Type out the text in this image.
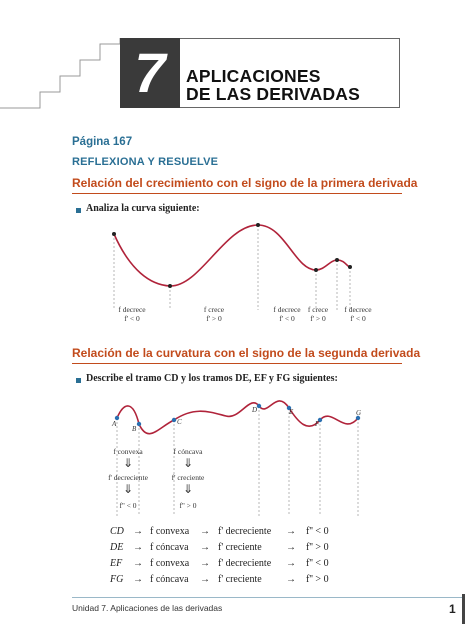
7 APLICACIONES
DE LAS DERIVADAS
Página 167
REFLEXIONA Y RESUELVE
Relación del crecimiento con el signo de la primera derivada
Analiza la curva siguiente:
f decrece
f' < 0
f crece
f' > 0
f decrece
f' < 0
f crece
f' > 0
f decrece
f' < 0
Relación de la curvatura con el signo de la segunda derivada
Describe el tramo CD y los tramos DE, EF y FG siguientes:
A
B
C
D	E
F
G
f convexa
⇓
f' decreciente
⇓
f'' < 0
f cóncava
⇓
f' creciente
⇓
f'' > 0
CD → f convexa → f' decreciente → f'' < 0
DE → f cóncava → f' creciente → f'' > 0
EF → f convexa → f' decreciente → f'' < 0
FG → f cóncava → f' creciente → f'' > 0
Unidad 7. Aplicaciones de las derivadas	1
